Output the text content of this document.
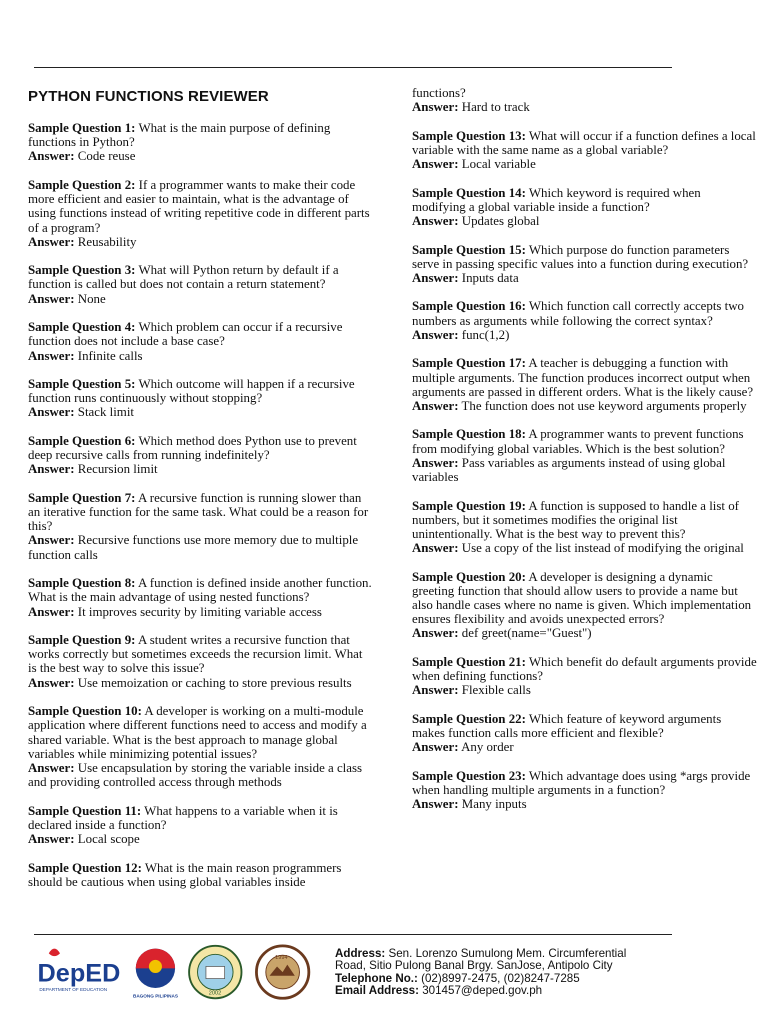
PYTHON FUNCTIONS REVIEWER

Sample Question 1: What is the main purpose of defining functions in Python?

Answer: Code reuse

Sample Question 2: If a programmer wants to make their code more efficient and easier to maintain, what is the advantage of using functions instead of writing repetitive code in different parts of a program?

Answer: Reusability

Sample Question 3: What will Python return by default if a function is called but does not contain a return statement?

Answer: None

Sample Question 4: Which problem can occur if a recursive function does not include a base case?

Answer: Infinite calls

Sample Question 5: Which outcome will happen if a recursive function runs continuously without stopping?

Answer: Stack limit

Sample Question 6: Which method does Python use to prevent deep recursive calls from running indefinitely?

Answer: Recursion limit

Sample Question 7: A recursive function is running slower than an iterative function for the same task. What could be a reason for this?

Answer: Recursive functions use more memory due to multiple function calls

Sample Question 8: A function is defined inside another function. What is the main advantage of using nested functions?

Answer: It improves security by limiting variable access

Sample Question 9: A student writes a recursive function that works correctly but sometimes exceeds the recursion limit. What is the best way to solve this issue?

Answer: Use memoization or caching to store previous results

Sample Question 10: A developer is working on a multi-module application where different functions need to access and modify a shared variable. What is the best approach to manage global variables while minimizing potential issues?

Answer: Use encapsulation by storing the variable inside a class and providing controlled access through methods

Sample Question 11: What happens to a variable when it is declared inside a function?

Answer: Local scope

Sample Question 12: What is the main reason programmers should be cautious when using global variables inside

functions?

Answer: Hard to track

Sample Question 13: What will occur if a function defines a local variable with the same name as a global variable?

Answer: Local variable

Sample Question 14: Which keyword is required when modifying a global variable inside a function?

Answer: Updates global

Sample Question 15: Which purpose do function parameters serve in passing specific values into a function during execution?

Answer: Inputs data

Sample Question 16: Which function call correctly accepts two numbers as arguments while following the correct syntax?

Answer: func(1,2)

Sample Question 17: A teacher is debugging a function with multiple arguments. The function produces incorrect output when arguments are passed in different orders. What is the likely cause?

Answer: The function does not use keyword arguments properly

Sample Question 18: A programmer wants to prevent functions from modifying global variables. Which is the best solution?

Answer: Pass variables as arguments instead of using global variables

Sample Question 19: A function is supposed to handle a list of numbers, but it sometimes modifies the original list unintentionally. What is the best way to prevent this?

Answer: Use a copy of the list instead of modifying the original

Sample Question 20: A developer is designing a dynamic greeting function that should allow users to provide a name but also handle cases where no name is given. Which implementation ensures flexibility and avoids unexpected errors?

Answer: def greet(name="Guest")

Sample Question 21: Which benefit do default arguments provide when defining functions?

Answer: Flexible calls

Sample Question 22: Which feature of keyword arguments makes function calls more efficient and flexible?

Answer: Any order

Sample Question 23: Which advantage does using *args provide when handling multiple arguments in a function?

Answer: Many inputs

DepED
DEPARTMENT OF EDUCATION
BAGONG PILIPINAS	2002
1994	Address: Sen. Lorenzo Sumulong Mem. Circumferential
Road, Sitio Pulong Banal Brgy. SanJose, Antipolo City
Telephone No.: (02)8997-2475, (02)8247-7285
Email Address: 301457@deped.gov.ph
